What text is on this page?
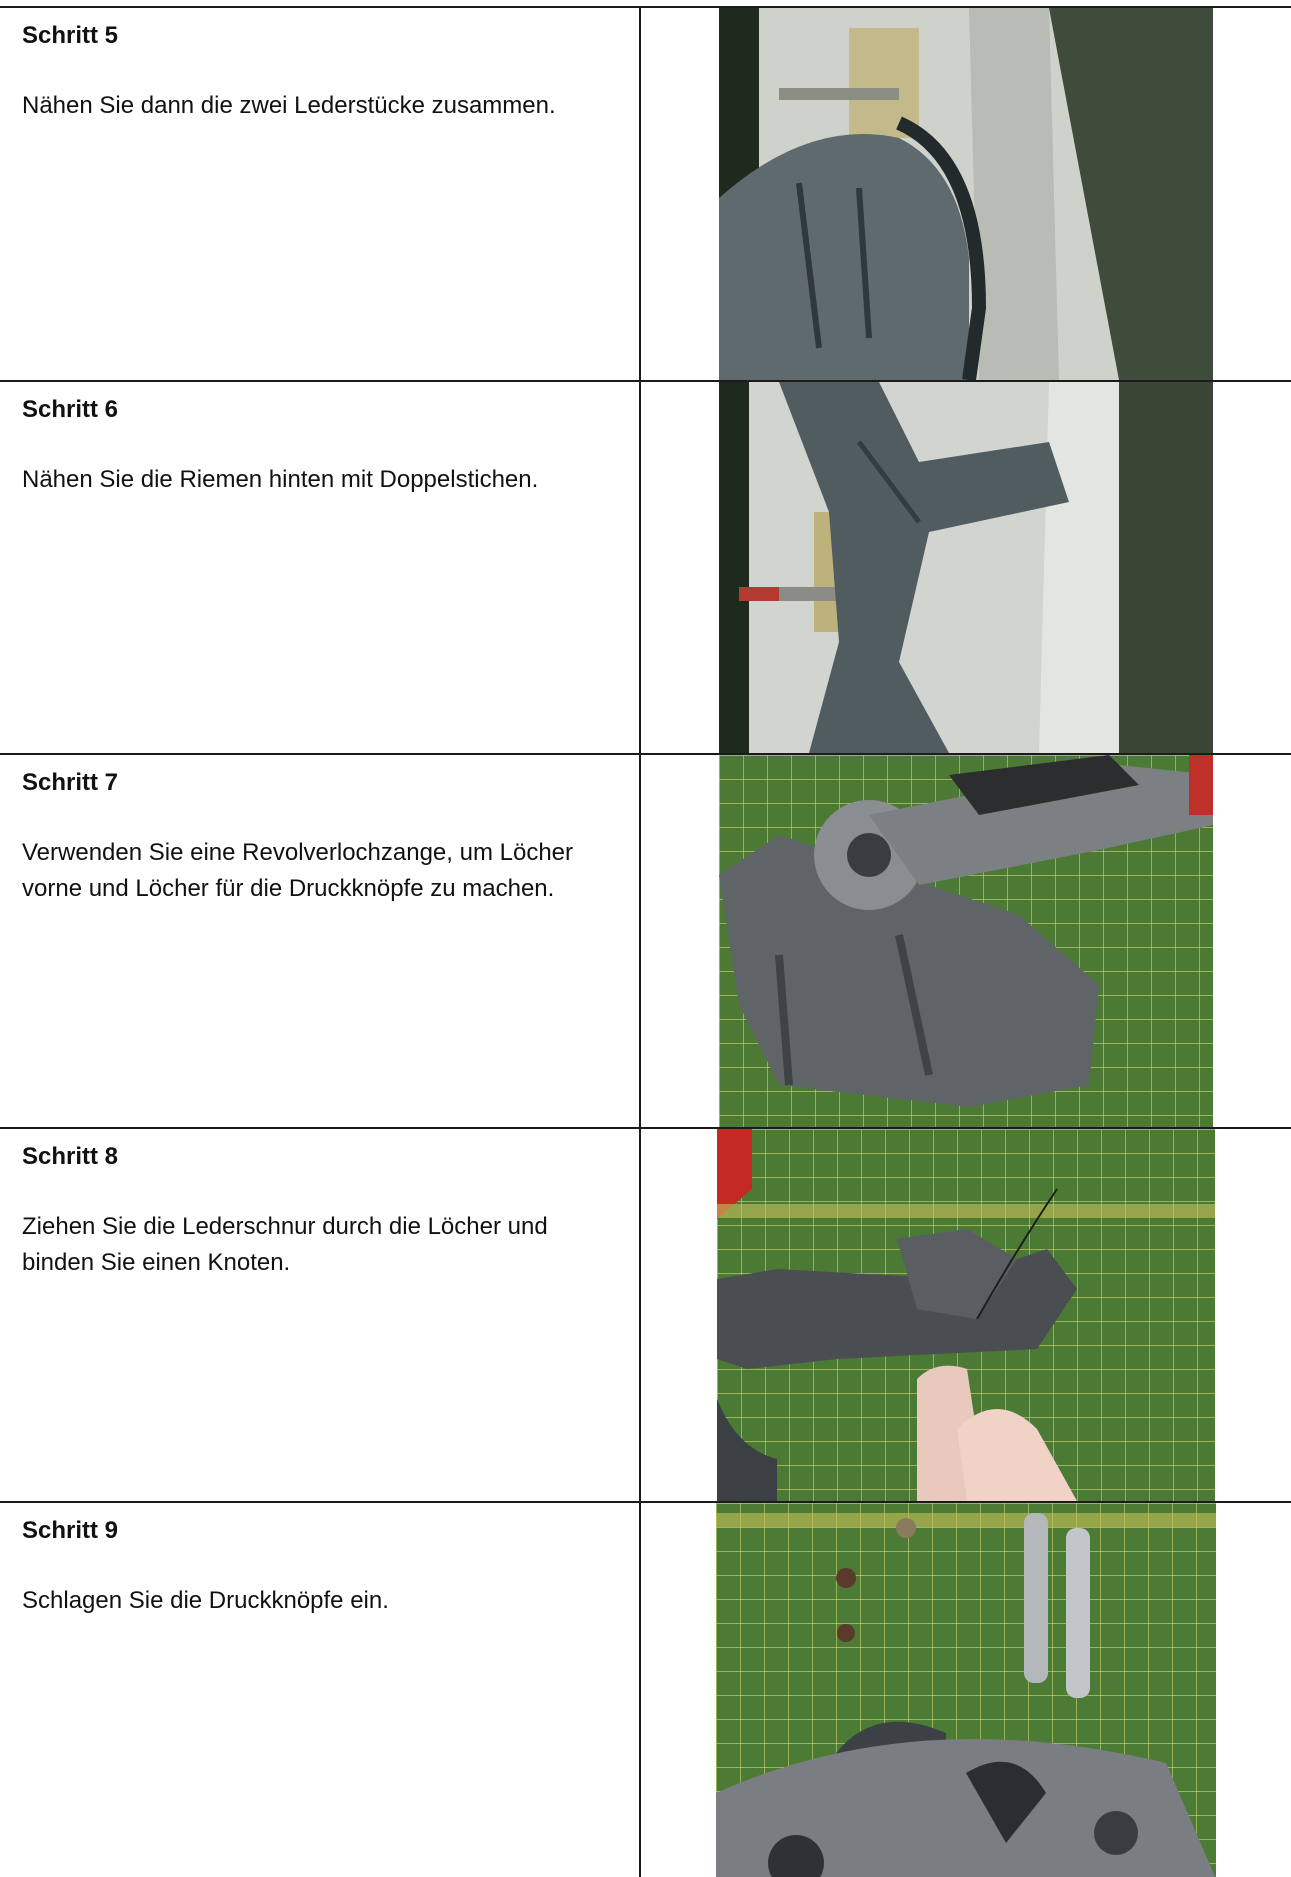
Schritt 5

Nähen Sie dann die zwei Lederstücke zusammen.

Schritt 6

Nähen Sie die Riemen hinten mit Doppelstichen.

Schritt 7

Verwenden Sie eine Revolverlochzange, um Löcher vorne und Löcher für die Druckknöpfe zu machen.

Schritt 8

Ziehen Sie die Lederschnur durch die Löcher und binden Sie einen Knoten.

Schritt 9

Schlagen Sie die Druckknöpfe ein.
